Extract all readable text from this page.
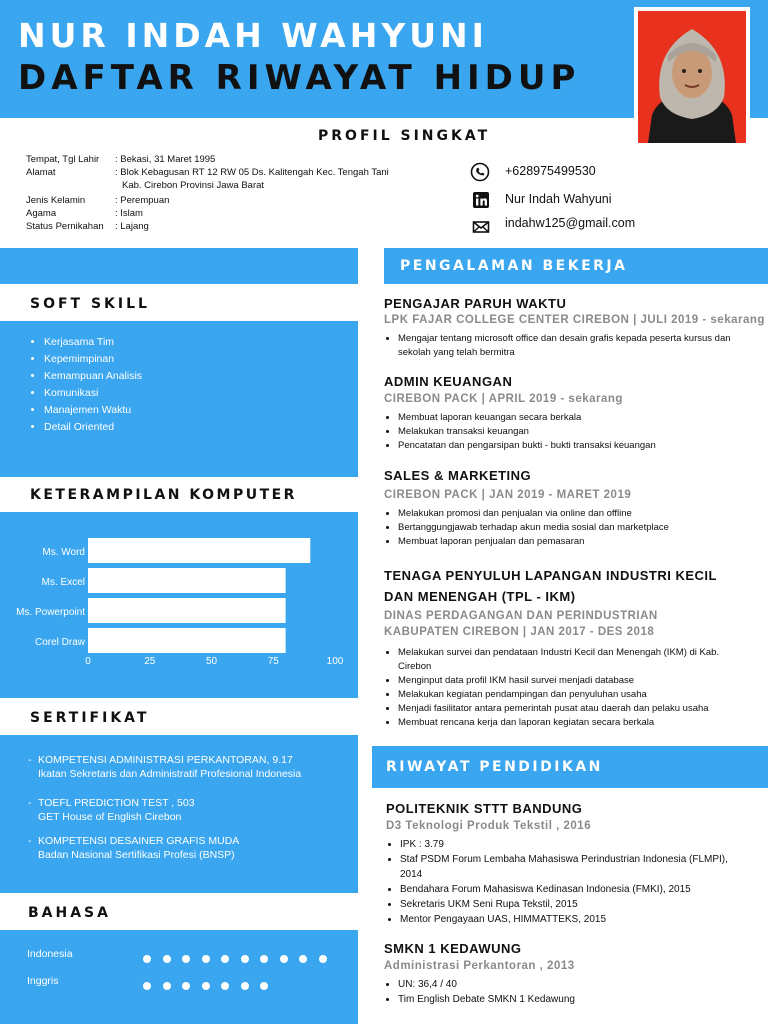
NUR INDAH WAHYUNI
DAFTAR RIWAYAT HIDUP
PROFIL SINGKAT
Tempat, Tgl Lahir : Bekasi, 31 Maret 1995
Alamat	: Blok Kebagusan RT 12 RW 05 Ds. Kalitengah Kec. Tengah Tani
Kab. Cirebon Provinsi Jawa Barat
Jenis Kelamin	: Perempuan
Agama	: Islam
Status Pernikahan : Lajang
+628975499530
Nur Indah Wahyuni
indahw125@gmail.com
SOFT SKILL
• Kerjasama Tim
• Kepemimpinan
• Kemampuan Analisis
• Komunikasi
• Manajemen Waktu
• Detail Oriented
KETERAMPILAN KOMPUTER
Ms. Word
Ms. Excel
Ms. Powerpoint
Corel Draw
0	25	50	75	100
SERTIFIKAT
- KOMPETENSI ADMINISTRASI PERKANTORAN, 9.17
Ikatan Sekretaris dan Administratif Profesional Indonesia
- TOEFL PREDICTION TEST , 503
GET House of English Cirebon
- KOMPETENSI DESAINER GRAFIS MUDA
Badan Nasional Sertifikasi Profesi (BNSP)
BAHASA
Indonesia
Inggris
PENGALAMAN BEKERJA
PENGAJAR PARUH WAKTU
LPK FAJAR COLLEGE CENTER CIREBON | JULI 2019 - sekarang
• Mengajar tentang microsoft office dan desain grafis kepada peserta kursus dan sekolah yang telah bermitra
ADMIN KEUANGAN
CIREBON PACK | APRIL 2019 - sekarang
• Membuat laporan keuangan secara berkala
• Melakukan transaksi keuangan
• Pencatatan dan pengarsipan bukti - bukti transaksi keuangan
SALES & MARKETING
CIREBON PACK | JAN 2019 - MARET 2019
• Melakukan promosi dan penjualan via online dan offline
• Bertanggungjawab terhadap akun media sosial dan marketplace
• Membuat laporan penjualan dan pemasaran
TENAGA PENYULUH LAPANGAN INDUSTRI KECIL DAN MENENGAH (TPL - IKM)
DINAS PERDAGANGAN DAN PERINDUSTRIAN
KABUPATEN CIREBON | JAN 2017 - DES 2018
• Melakukan survei dan pendataan Industri Kecil dan Menengah (IKM) di Kab. Cirebon
• Menginput data profil IKM hasil survei menjadi database
• Melakukan kegiatan pendampingan dan penyuluhan usaha
• Menjadi fasilitator antara pemerintah pusat atau daerah dan pelaku usaha
• Membuat rencana kerja dan laporan kegiatan secara berkala
RIWAYAT PENDIDIKAN
POLITEKNIK STTT BANDUNG
D3 Teknologi Produk Tekstil , 2016
• IPK : 3.79
• Staf PSDM Forum Lembaha Mahasiswa Perindustrian Indonesia (FLMPI), 2014
• Bendahara Forum Mahasiswa Kedinasan Indonesia (FMKI), 2015
• Sekretaris UKM Seni Rupa Tekstil, 2015
• Mentor Pengayaan UAS, HIMMATTEKS, 2015
SMKN 1 KEDAWUNG
Administrasi Perkantoran , 2013
• UN: 36,4 / 40
• Tim English Debate SMKN 1 Kedawung
